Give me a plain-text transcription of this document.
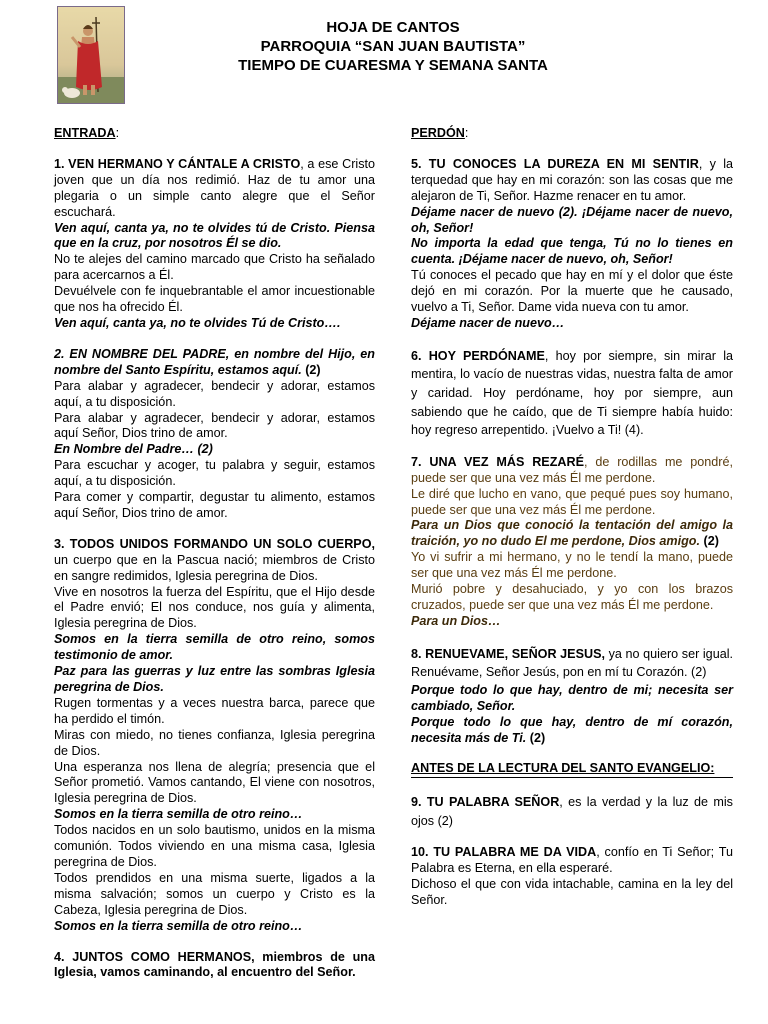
HOJA DE CANTOS
PARROQUIA “SAN JUAN BAUTISTA”
TIEMPO DE CUARESMA Y SEMANA SANTA
ENTRADA:

1. VEN HERMANO Y CÁNTALE A CRISTO, a ese Cristo joven que un día nos redimió. Haz de tu amor una plegaria o un simple canto alegre que el Señor escuchará.

Ven aquí, canta ya, no te olvides tú de Cristo. Piensa que en la cruz, por nosotros Él se dio.

No te alejes del camino marcado que Cristo ha señalado para acercarnos a Él.

Devuélvele con fe inquebrantable el amor incuestionable que nos ha ofrecido Él.

Ven aquí, canta ya, no te olvides Tú de Cristo….

2. EN NOMBRE DEL PADRE, en nombre del Hijo, en nombre del Santo Espíritu, estamos aquí. (2)

Para alabar y agradecer, bendecir y adorar, estamos aquí, a tu disposición.

Para alabar y agradecer, bendecir y adorar, estamos aquí Señor, Dios trino de amor.

En Nombre del Padre… (2)

Para escuchar y acoger, tu palabra y seguir, estamos aquí, a tu disposición.

Para comer y compartir, degustar tu alimento, estamos aquí Señor, Dios trino de amor.

3. TODOS UNIDOS FORMANDO UN SOLO CUERPO, un cuerpo que en la Pascua nació; miembros de Cristo en sangre redimidos, Iglesia peregrina de Dios.

Vive en nosotros la fuerza del Espíritu, que el Hijo desde el Padre envió; El nos conduce, nos guía y alimenta, Iglesia peregrina de Dios.

Somos en la tierra semilla de otro reino, somos testimonio de amor.

Paz para las guerras y luz entre las sombras Iglesia peregrina de Dios.

Rugen tormentas y a veces nuestra barca, parece que ha perdido el timón.

Miras con miedo, no tienes confianza, Iglesia peregrina de Dios.

Una esperanza nos llena de alegría; presencia que el Señor prometió. Vamos cantando, El viene con nosotros, Iglesia peregrina de Dios.

Somos en la tierra semilla de otro reino…

Todos nacidos en un solo bautismo, unidos en la misma comunión. Todos viviendo en una misma casa, Iglesia peregrina de Dios.

Todos prendidos en una misma suerte, ligados a la misma salvación; somos un cuerpo y Cristo es la Cabeza, Iglesia peregrina de Dios.

Somos en la tierra semilla de otro reino…

4. JUNTOS COMO HERMANOS, miembros de una Iglesia, vamos caminando, al encuentro del Señor.

PERDÓN:

5. TU CONOCES LA DUREZA EN MI SENTIR, y la terquedad que hay en mi corazón: son las cosas que me alejaron de Ti, Señor. Hazme renacer en tu amor.

Déjame nacer de nuevo (2). ¡Déjame nacer de nuevo, oh, Señor!

No importa la edad que tenga, Tú no lo tienes en cuenta. ¡Déjame nacer de nuevo, oh, Señor!

Tú conoces el pecado que hay en mí y el dolor que éste dejó en mi corazón. Por la muerte que he causado, vuelvo a Ti, Señor. Dame vida nueva con tu amor.

Déjame nacer de nuevo…

6. HOY PERDÓNAME, hoy por siempre, sin mirar la mentira, lo vacío de nuestras vidas, nuestra falta de amor y caridad. Hoy perdóname, hoy por siempre, aun sabiendo que he caído, que de Ti siempre había huido: hoy regreso arrepentido. ¡Vuelvo a Ti! (4).

7. UNA VEZ MÁS REZARÉ, de rodillas me pondré, puede ser que una vez más Él me perdone.

Le diré que lucho en vano, que pequé pues soy humano, puede ser que una vez más Él me perdone.

Para un Dios que conoció la tentación del amigo la traición, yo no dudo El me perdone, Dios amigo. (2)

Yo vi sufrir a mi hermano, y no le tendí la mano, puede ser que una vez más Él me perdone.

Murió pobre y desahuciado, y yo con los brazos cruzados, puede ser que una vez más Él me perdone.

Para un Dios…

8. RENUEVAME, SEÑOR JESUS, ya no quiero ser igual. Renuévame, Señor Jesús, pon en mí tu Corazón. (2)

Porque todo lo que hay, dentro de mi; necesita ser cambiado, Señor.

Porque todo lo que hay, dentro de mí corazón, necesita más de Ti. (2)

ANTES DE LA LECTURA DEL SANTO EVANGELIO:

9. TU PALABRA SEÑOR, es la verdad y la luz de mis ojos (2)

10. TU PALABRA ME DA VIDA, confío en Ti Señor; Tu Palabra es Eterna, en ella esperaré.

Dichoso el que con vida intachable, camina en la ley del Señor.
